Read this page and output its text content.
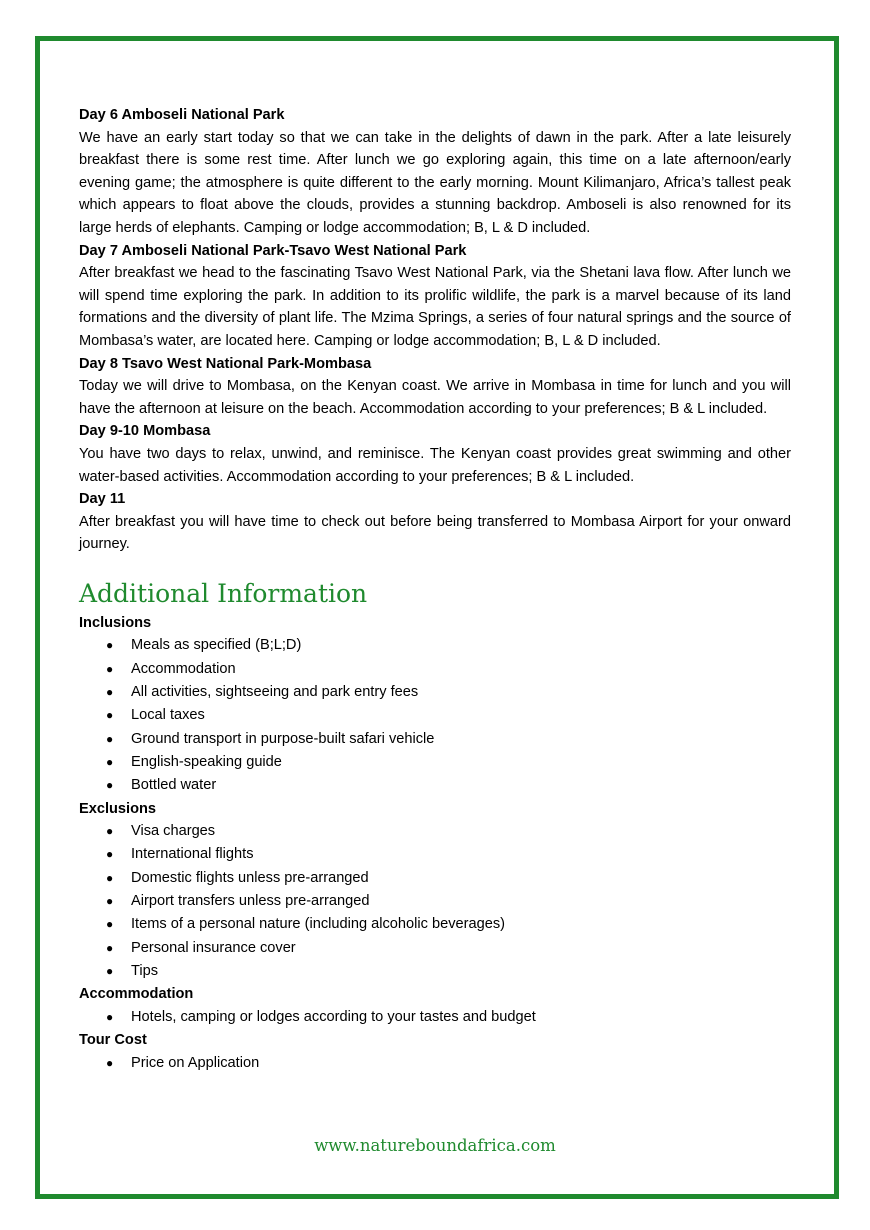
Day 6 Amboseli National Park
We have an early start today so that we can take in the delights of dawn in the park. After a late leisurely breakfast there is some rest time. After lunch we go exploring again, this time on a late afternoon/early evening game; the atmosphere is quite different to the early morning. Mount Kilimanjaro, Africa’s tallest peak which appears to float above the clouds, provides a stunning backdrop. Amboseli is also renowned for its large herds of elephants. Camping or lodge accommodation; B, L & D included.
Day 7 Amboseli National Park-Tsavo West National Park
After breakfast we head to the fascinating Tsavo West National Park, via the Shetani lava flow. After lunch we will spend time exploring the park. In addition to its prolific wildlife, the park is a marvel because of its land formations and the diversity of plant life. The Mzima Springs, a series of four natural springs and the source of Mombasa’s water, are located here. Camping or lodge accommodation; B, L & D included.
Day 8 Tsavo West National Park-Mombasa
Today we will drive to Mombasa, on the Kenyan coast. We arrive in Mombasa in time for lunch and you will have the afternoon at leisure on the beach. Accommodation according to your preferences; B & L included.
Day 9-10 Mombasa
You have two days to relax, unwind, and reminisce. The Kenyan coast provides great swimming and other water-based activities. Accommodation according to your preferences; B & L included.
Day 11
After breakfast you will have time to check out before being transferred to Mombasa Airport for your onward journey.
Additional Information
Inclusions
● Meals as specified (B;L;D)
● Accommodation
● All activities, sightseeing and park entry fees
● Local taxes
● Ground transport in purpose-built safari vehicle
● English-speaking guide
● Bottled water
Exclusions
● Visa charges
● International flights
● Domestic flights unless pre-arranged
● Airport transfers unless pre-arranged
● Items of a personal nature (including alcoholic beverages)
● Personal insurance cover
● Tips
Accommodation
● Hotels, camping or lodges according to your tastes and budget
Tour Cost
● Price on Application
www.natureboundafrica.com
